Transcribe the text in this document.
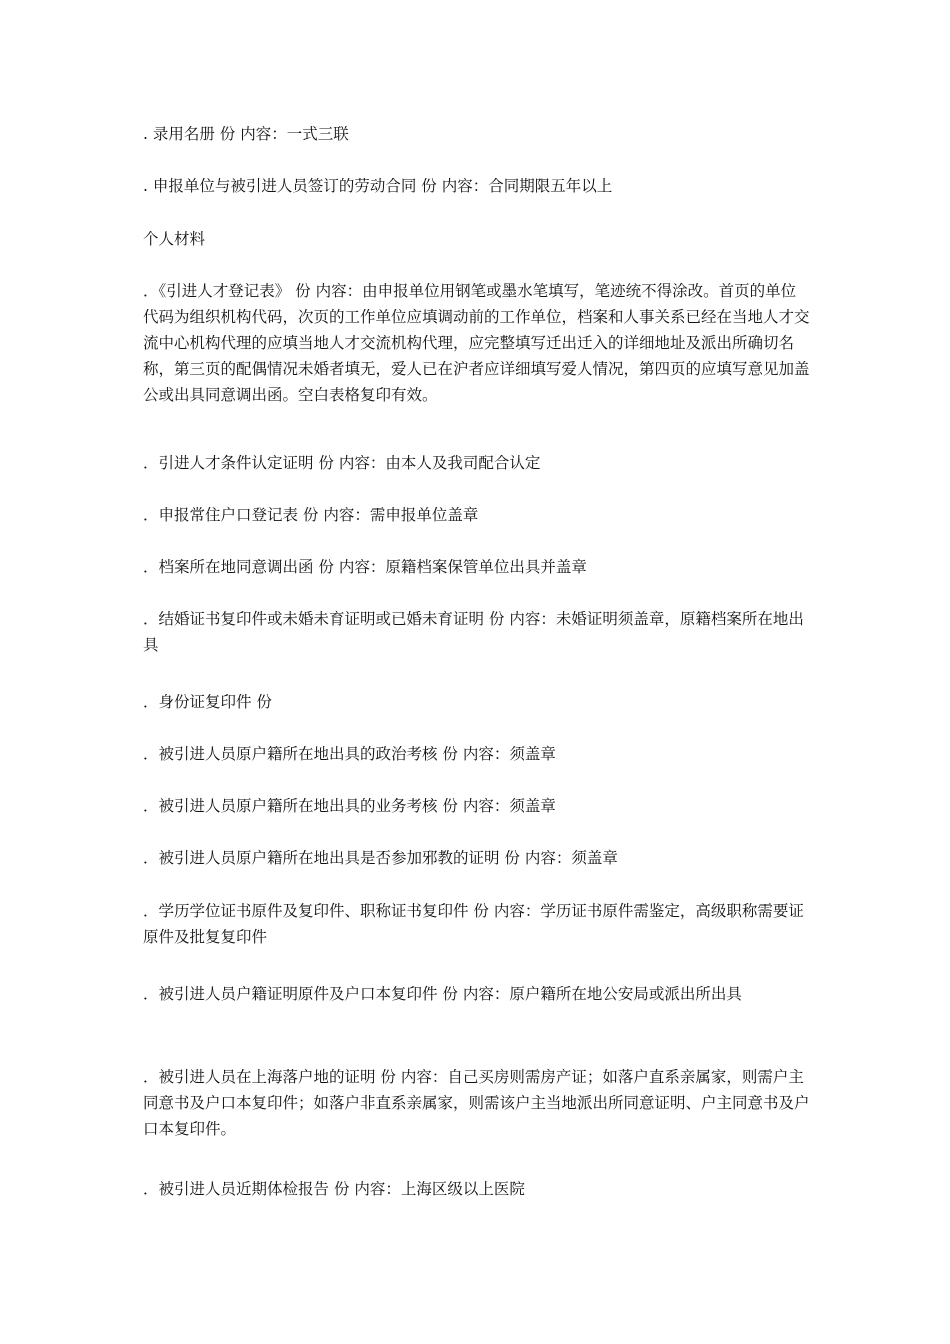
. 录用名册 份 内容：一式三联
. 申报单位与被引进人员签订的劳动合同 份 内容：合同期限五年以上
个人材料
．《引进人才登记表》 份 内容：由申报单位用钢笔或墨水笔填写，笔迹统不得涂改。首页的单位代码为组织机构代码，次页的工作单位应填调动前的工作单位，档案和人事关系已经在当地人才交流中心机构代理的应填当地人才交流机构代理，应完整填写迁出迁入的详细地址及派出所确切名称，第三页的配偶情况未婚者填无，爱人已在沪者应详细填写爱人情况，第四页的应填写意见加盖公或出具同意调出函。空白表格复印有效。
．引进人才条件认定证明 份 内容：由本人及我司配合认定
．申报常住户口登记表 份 内容：需申报单位盖章
．档案所在地同意调出函 份 内容：原籍档案保管单位出具并盖章
．结婚证书复印件或未婚未育证明或已婚未育证明 份 内容：未婚证明须盖章，原籍档案所在地出具
．身份证复印件 份
．被引进人员原户籍所在地出具的政治考核 份 内容：须盖章
．被引进人员原户籍所在地出具的业务考核 份 内容：须盖章
．被引进人员原户籍所在地出具是否参加邪教的证明 份 内容：须盖章
．学历学位证书原件及复印件、职称证书复印件 份 内容：学历证书原件需鉴定，高级职称需要证原件及批复复印件
．被引进人员户籍证明原件及户口本复印件 份 内容：原户籍所在地公安局或派出所出具
．被引进人员在上海落户地的证明 份 内容：自己买房则需房产证；如落户直系亲属家，则需户主同意书及户口本复印件；如落户非直系亲属家，则需该户主当地派出所同意证明、户主同意书及户口本复印件。
．被引进人员近期体检报告 份 内容：上海区级以上医院
